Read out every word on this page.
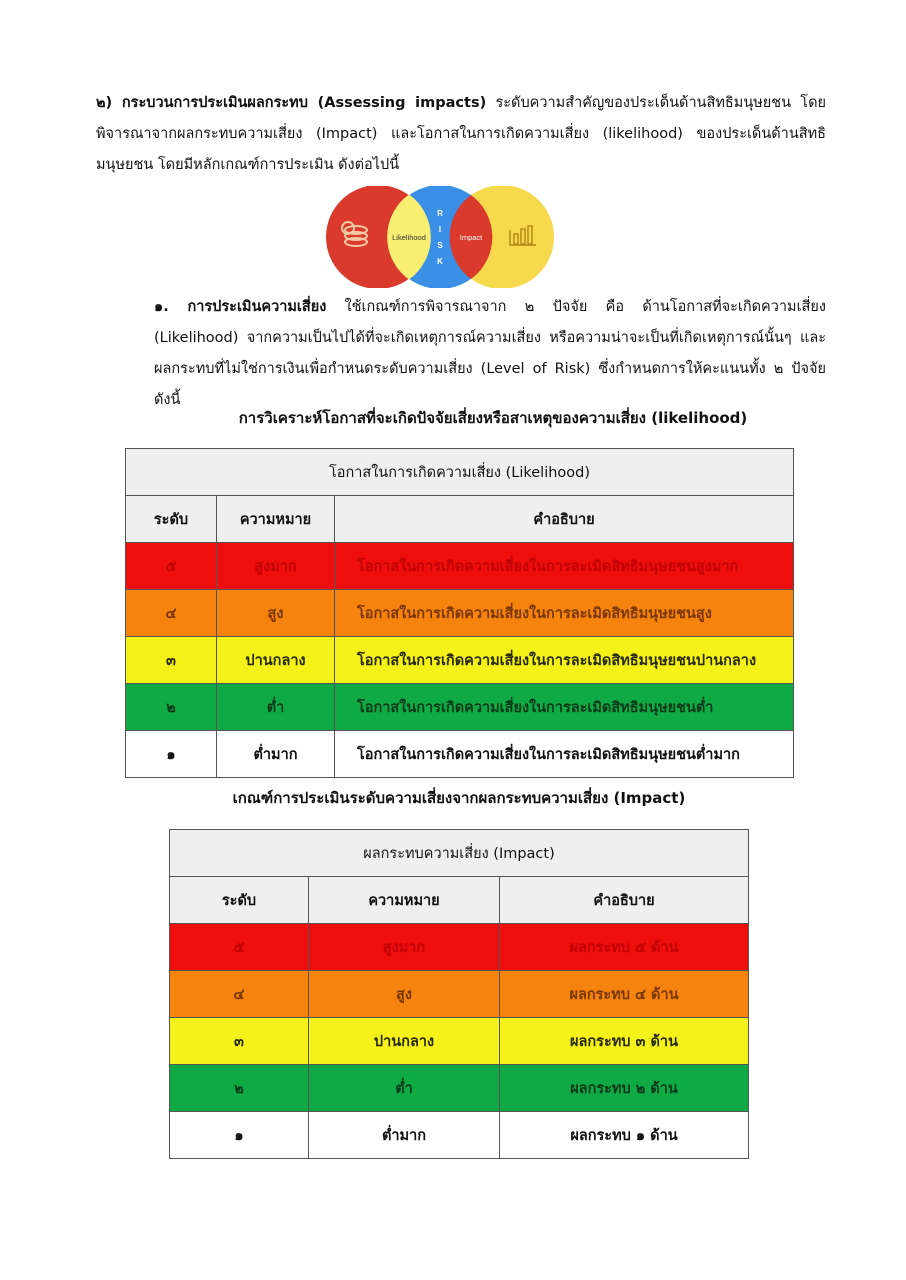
๒) กระบวนการประเมินผลกระทบ (Assessing impacts) ระดับความสำคัญของประเด็นด้านสิทธิมนุษยชน โดยพิจารณาจากผลกระทบความเสี่ยง (Impact) และโอกาสในการเกิดความเสี่ยง (likelihood) ของประเด็นด้านสิทธิมนุษยชน โดยมีหลักเกณฑ์การประเมิน ดังต่อไปนี้

Likelihood	Impact
R
I
S
K

๑. การประเมินความเสี่ยง ใช้เกณฑ์การพิจารณาจาก ๒ ปัจจัย คือ ด้านโอกาสที่จะเกิดความเสี่ยง (Likelihood) จากความเป็นไปได้ที่จะเกิดเหตุการณ์ความเสี่ยง หรือความน่าจะเป็นที่เกิดเหตุการณ์นั้นๆ และผลกระทบที่ไม่ใช่การเงินเพื่อกำหนดระดับความเสี่ยง (Level of Risk) ซึ่งกำหนดการให้คะแนนทั้ง ๒ ปัจจัย ดังนี้

การวิเคราะห์โอกาสที่จะเกิดปัจจัยเสี่ยงหรือสาเหตุของความเสี่ยง (likelihood)
โอกาสในการเกิดความเสี่ยง (Likelihood)		
ระดับ	ความหมาย	คำอธิบาย
๕	สูงมาก	โอกาสในการเกิดความเสี่ยงในการละเมิดสิทธิมนุษยชนสูงมาก
๔	สูง	โอกาสในการเกิดความเสี่ยงในการละเมิดสิทธิมนุษยชนสูง
๓	ปานกลาง	โอกาสในการเกิดความเสี่ยงในการละเมิดสิทธิมนุษยชนปานกลาง
๒	ต่ำ	โอกาสในการเกิดความเสี่ยงในการละเมิดสิทธิมนุษยชนต่ำ
๑	ต่ำมาก	โอกาสในการเกิดความเสี่ยงในการละเมิดสิทธิมนุษยชนต่ำมาก
เกณฑ์การประเมินระดับความเสี่ยงจากผลกระทบความเสี่ยง (Impact)
ผลกระทบความเสี่ยง (Impact)		
ระดับ	ความหมาย	คำอธิบาย
๕	สูงมาก	ผลกระทบ ๕ ด้าน
๔	สูง	ผลกระทบ ๔ ด้าน
๓	ปานกลาง	ผลกระทบ ๓ ด้าน
๒	ต่ำ	ผลกระทบ ๒ ด้าน
๑	ต่ำมาก	ผลกระทบ ๑ ด้าน
